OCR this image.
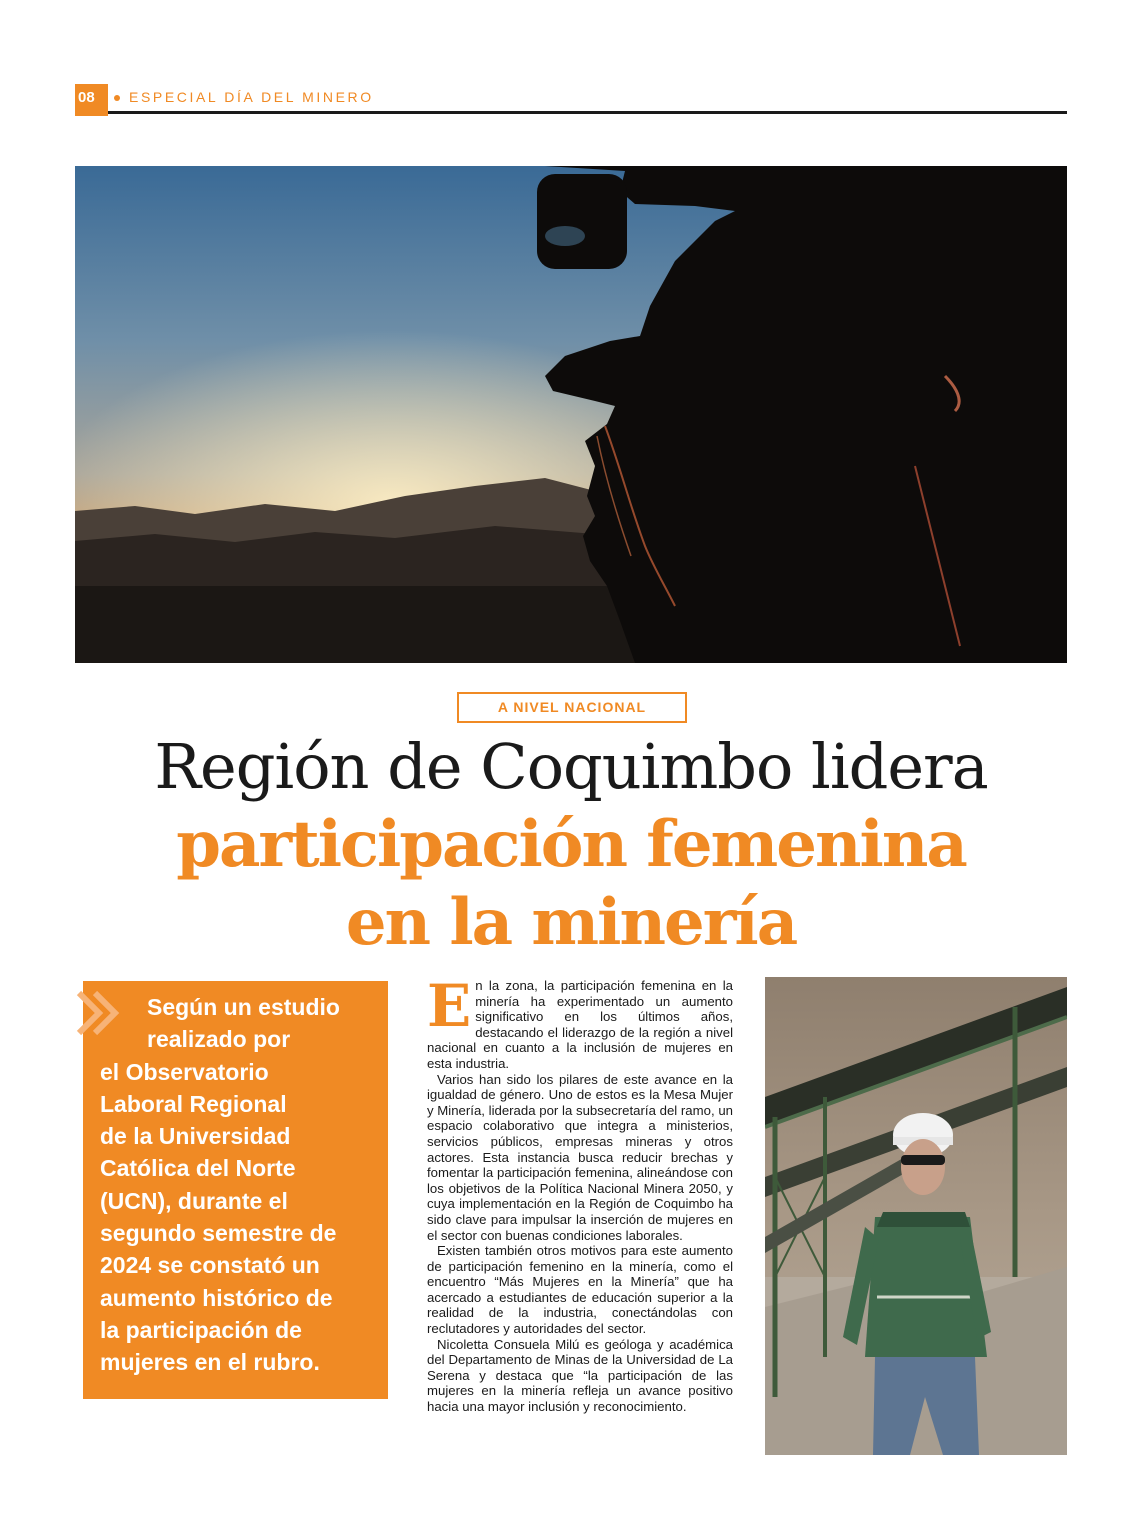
08	ESPECIAL DÍA DEL MINERO
A NIVEL NACIONAL
Región de Coquimbo lidera
participación femenina
en la minería
Según un estudio
realizado por
el Observatorio
Laboral Regional
de la Universidad
Católica del Norte
(UCN), durante el
segundo semestre de
2024 se constató un
aumento histórico de
la participación de
mujeres en el rubro.

En la zona, la participación femenina en la minería ha experimentado un aumento significativo en los últimos años, destacando el liderazgo de la región a nivel nacional en cuanto a la inclusión de mujeres en esta industria.

Varios han sido los pilares de este avance en la igualdad de género. Uno de estos es la Mesa Mujer y Minería, liderada por la subsecretaría del ramo, un espacio colaborativo que integra a ministerios, servicios públicos, empresas mineras y otros actores. Esta instancia busca reducir brechas y fomentar la participación femenina, alineándose con los objetivos de la Política Nacional Minera 2050, y cuya implementación en la Región de Coquimbo ha sido clave para impulsar la inserción de mujeres en el sector con buenas condiciones laborales.

Existen también otros motivos para este aumento de participación femenino en la minería, como el encuentro “Más Mujeres en la Minería” que ha acercado a estudiantes de educación superior a la realidad de la industria, conectándolas con reclutadores y autoridades del sector.

Nicoletta Consuela Milú es geóloga y académica del Departamento de Minas de la Universidad de La Serena y destaca que “la participación de las mujeres en la minería refleja un avance positivo hacia una mayor inclusión y reconocimiento.
